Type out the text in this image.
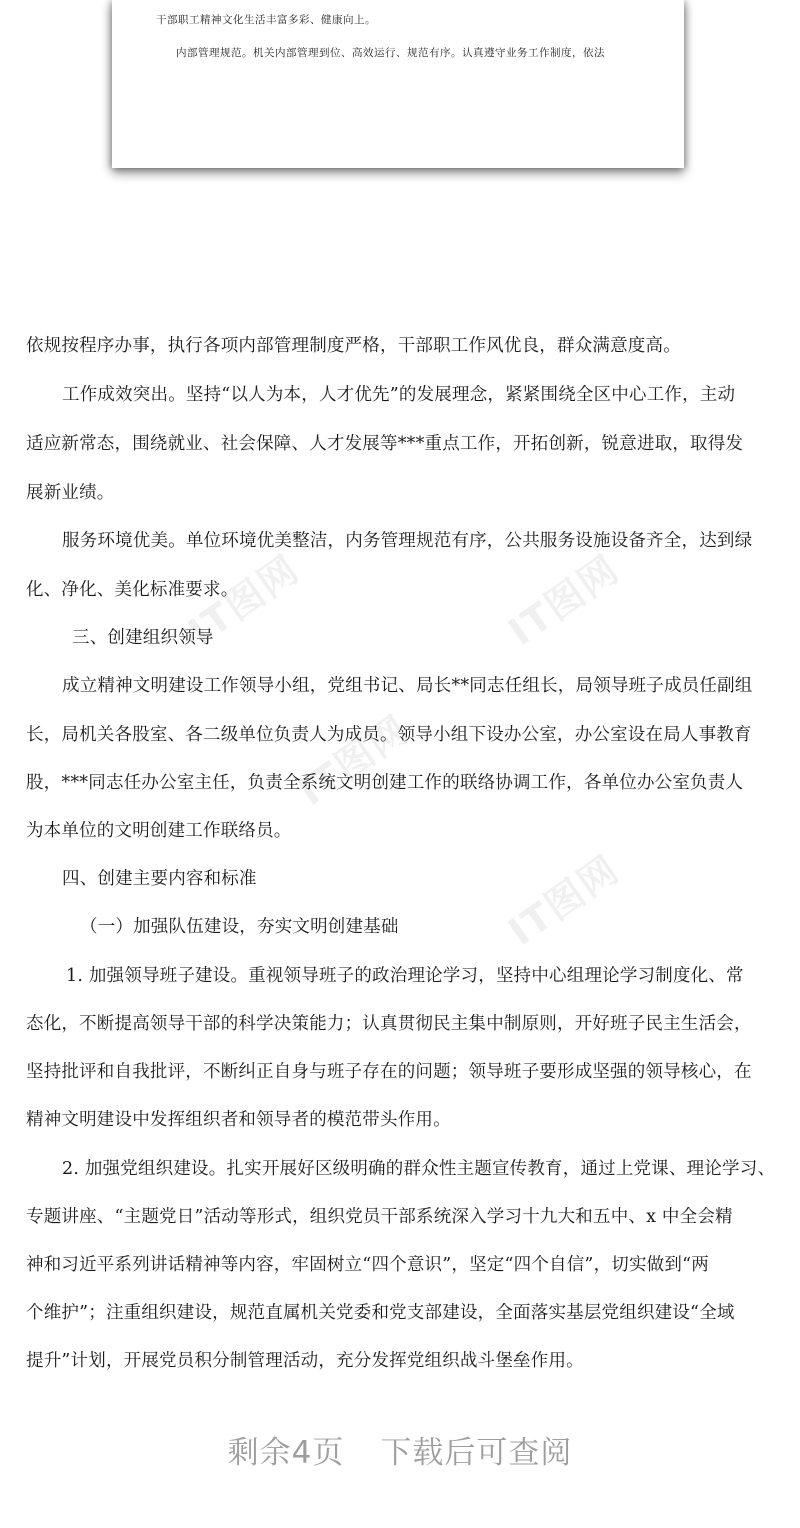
干部职工精神文化生活丰富多彩、健康向上。
内部管理规范。机关内部管理到位、高效运行、规范有序。认真遵守业务工作制度，依法
IT图网	IT图网
IT图网
IT图网
依规按程序办事，执行各项内部管理制度严格，干部职工作风优良，群众满意度高。
工作成效突出。坚持“以人为本，人才优先”的发展理念，紧紧围绕全区中心工作，主动
适应新常态，围绕就业、社会保障、人才发展等***重点工作，开拓创新，锐意进取，取得发
展新业绩。
服务环境优美。单位环境优美整洁，内务管理规范有序，公共服务设施设备齐全，达到绿
化、净化、美化标准要求。
三、创建组织领导
成立精神文明建设工作领导小组，党组书记、局长**同志任组长，局领导班子成员任副组
长，局机关各股室、各二级单位负责人为成员。领导小组下设办公室，办公室设在局人事教育
股，***同志任办公室主任，负责全系统文明创建工作的联络协调工作，各单位办公室负责人
为本单位的文明创建工作联络员。
四、创建主要内容和标准
（一）加强队伍建设，夯实文明创建基础
1. 加强领导班子建设。重视领导班子的政治理论学习，坚持中心组理论学习制度化、常
态化，不断提高领导干部的科学决策能力；认真贯彻民主集中制原则，开好班子民主生活会，
坚持批评和自我批评，不断纠正自身与班子存在的问题；领导班子要形成坚强的领导核心，在
精神文明建设中发挥组织者和领导者的模范带头作用。
2. 加强党组织建设。扎实开展好区级明确的群众性主题宣传教育，通过上党课、理论学习、
专题讲座、“主题党日”活动等形式，组织党员干部系统深入学习十九大和五中、x 中全会精
神和习近平系列讲话精神等内容，牢固树立“四个意识”，坚定“四个自信”，切实做到“两
个维护”；注重组织建设，规范直属机关党委和党支部建设，全面落实基层党组织建设“全域
提升”计划，开展党员积分制管理活动，充分发挥党组织战斗堡垒作用。
剩余4页 下载后可查阅
